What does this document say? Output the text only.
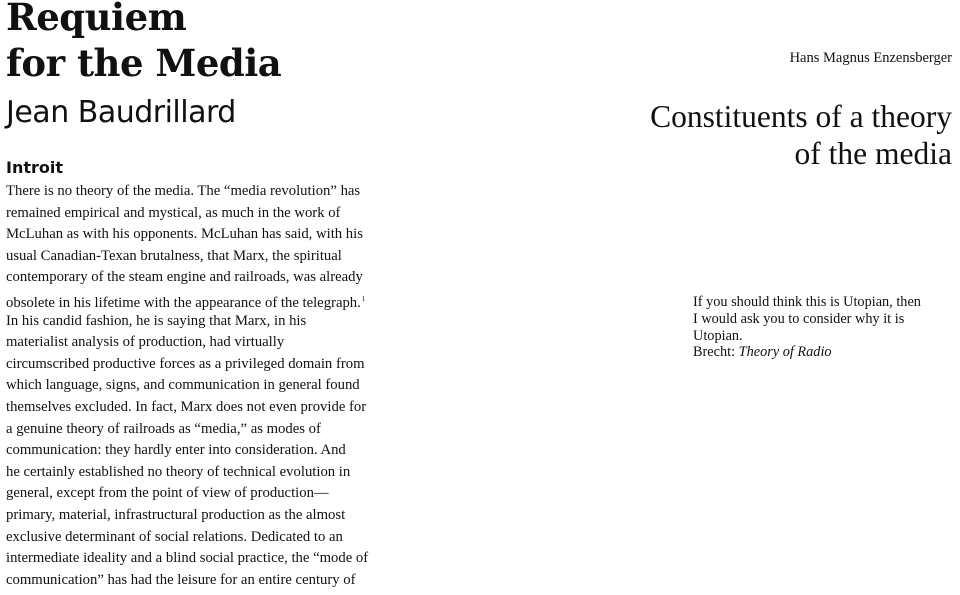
Requiem
for the Media
Jean Baudrillard
Introit
There is no theory of the media. The “media revolution” has
remained empirical and mystical, as much in the work of
McLuhan as with his opponents. McLuhan has said, with his
usual Canadian-Texan brutalness, that Marx, the spiritual
contemporary of the steam engine and railroads, was already
obsolete in his lifetime with the appearance of the telegraph.$^1$
In his candid fashion, he is saying that Marx, in his
materialist analysis of production, had virtually
circumscribed productive forces as a privileged domain from
which language, signs, and communication in general found
themselves excluded. In fact, Marx does not even provide for
a genuine theory of railroads as “media,” as modes of
communication: they hardly enter into consideration. And
he certainly established no theory of technical evolution in
general, except from the point of view of production—
primary, material, infrastructural production as the almost
exclusive determinant of social relations. Dedicated to an
intermediate ideality and a blind social practice, the “mode of
communication” has had the leisure for an entire century of
Hans Magnus Enzensberger
Constituents of a theory
of the media
If you should think this is Utopian, then
I would ask you to consider why it is
Utopian.
Brecht: Theory of Radio
